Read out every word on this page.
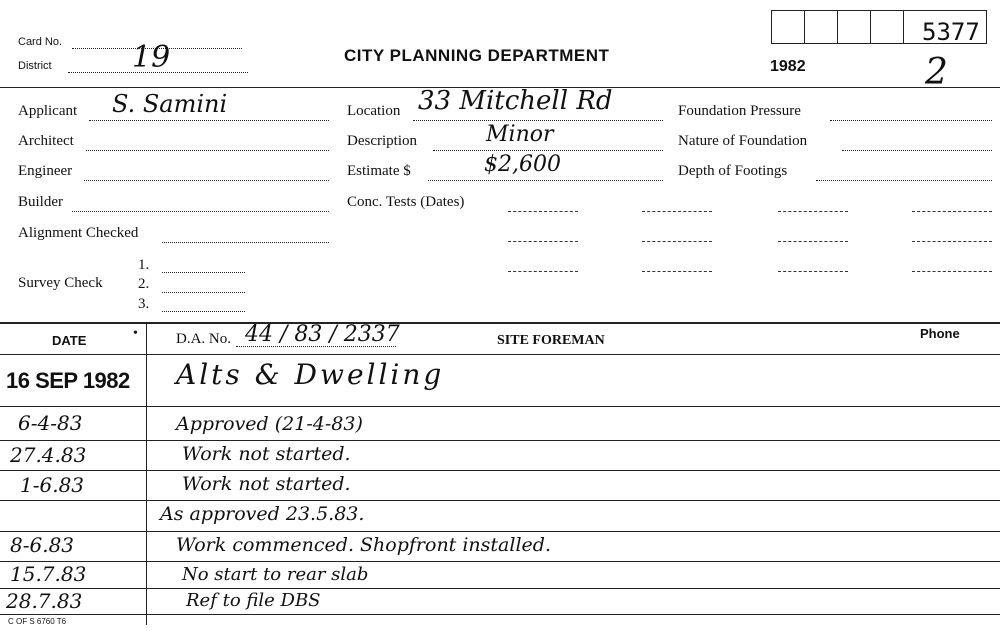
Card No.
District	19	CITY PLANNING DEPARTMENT
1982
5377
2
Applicant S. Samini
Architect
Engineer
Builder
Alignment Checked
Survey Check
1.
2.
3.
Location 33 Mitchell Rd
Description	Minor
Estimate $	$2,600
Conc. Tests (Dates)
Foundation Pressure
Nature of Foundation
Depth of Footings
DATE	•	D.A. No. 44 / 83 / 2337	SITE FOREMAN	Phone
16 SEP 1982 Alts & Dwelling
6-4-83	Approved (21-4-83)
27.4.83	Work not started.
1-6.83	Work not started.
As approved 23.5.83.
8-6.83	Work commenced. Shopfront installed.
15.7.83	No start to rear slab
28.7.83	Ref to file DBS
C OF S 6760 T6
